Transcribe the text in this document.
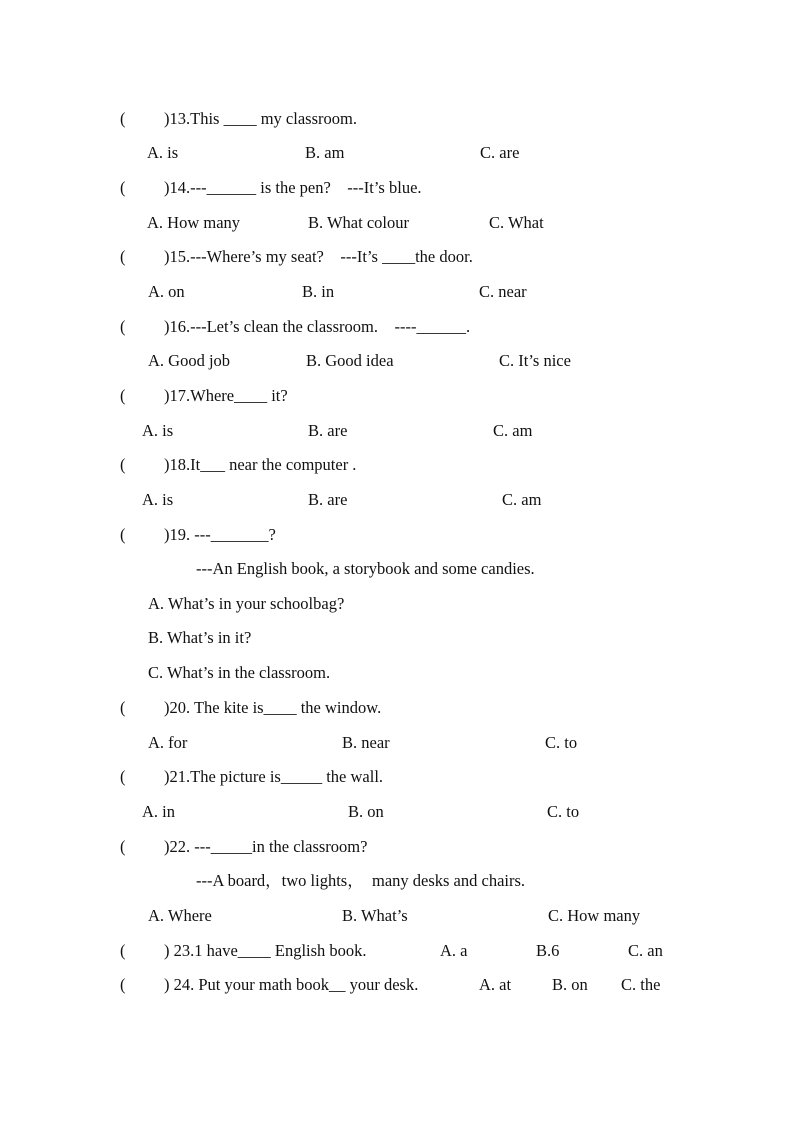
( )13.This ____ my classroom.
A. is	B. am	C. are
( )14.---______ is the pen?    ---It’s blue.
A. How many	B. What colour	C. What
( )15.---Where’s my seat?    ---It’s ____the door.
A. on	B. in	C. near
( )16.---Let’s clean the classroom.    ----______.
A. Good job	B. Good idea	C. It’s nice
( )17.Where____ it?
A. is	B. are	C. am
( )18.It___ near the computer .
A. is	B. are	C. am
( )19. ---_______?
---An English book, a storybook and some candies.
A. What’s in your schoolbag?
B. What’s in it?
C. What’s in the classroom.
( )20. The kite is____ the window.
A. for	B. near	C. to
( )21.The picture is_____ the wall.
A. in	B. on	C. to
( )22. ---_____in the classroom?
---A board，two lights，  many desks and chairs.
A. Where	B. What’s	C. How many
( ) 23.1 have____ English book.	A. a	B.6	C. an
( ) 24. Put your math book__ your desk.	A. at B. on C. the
